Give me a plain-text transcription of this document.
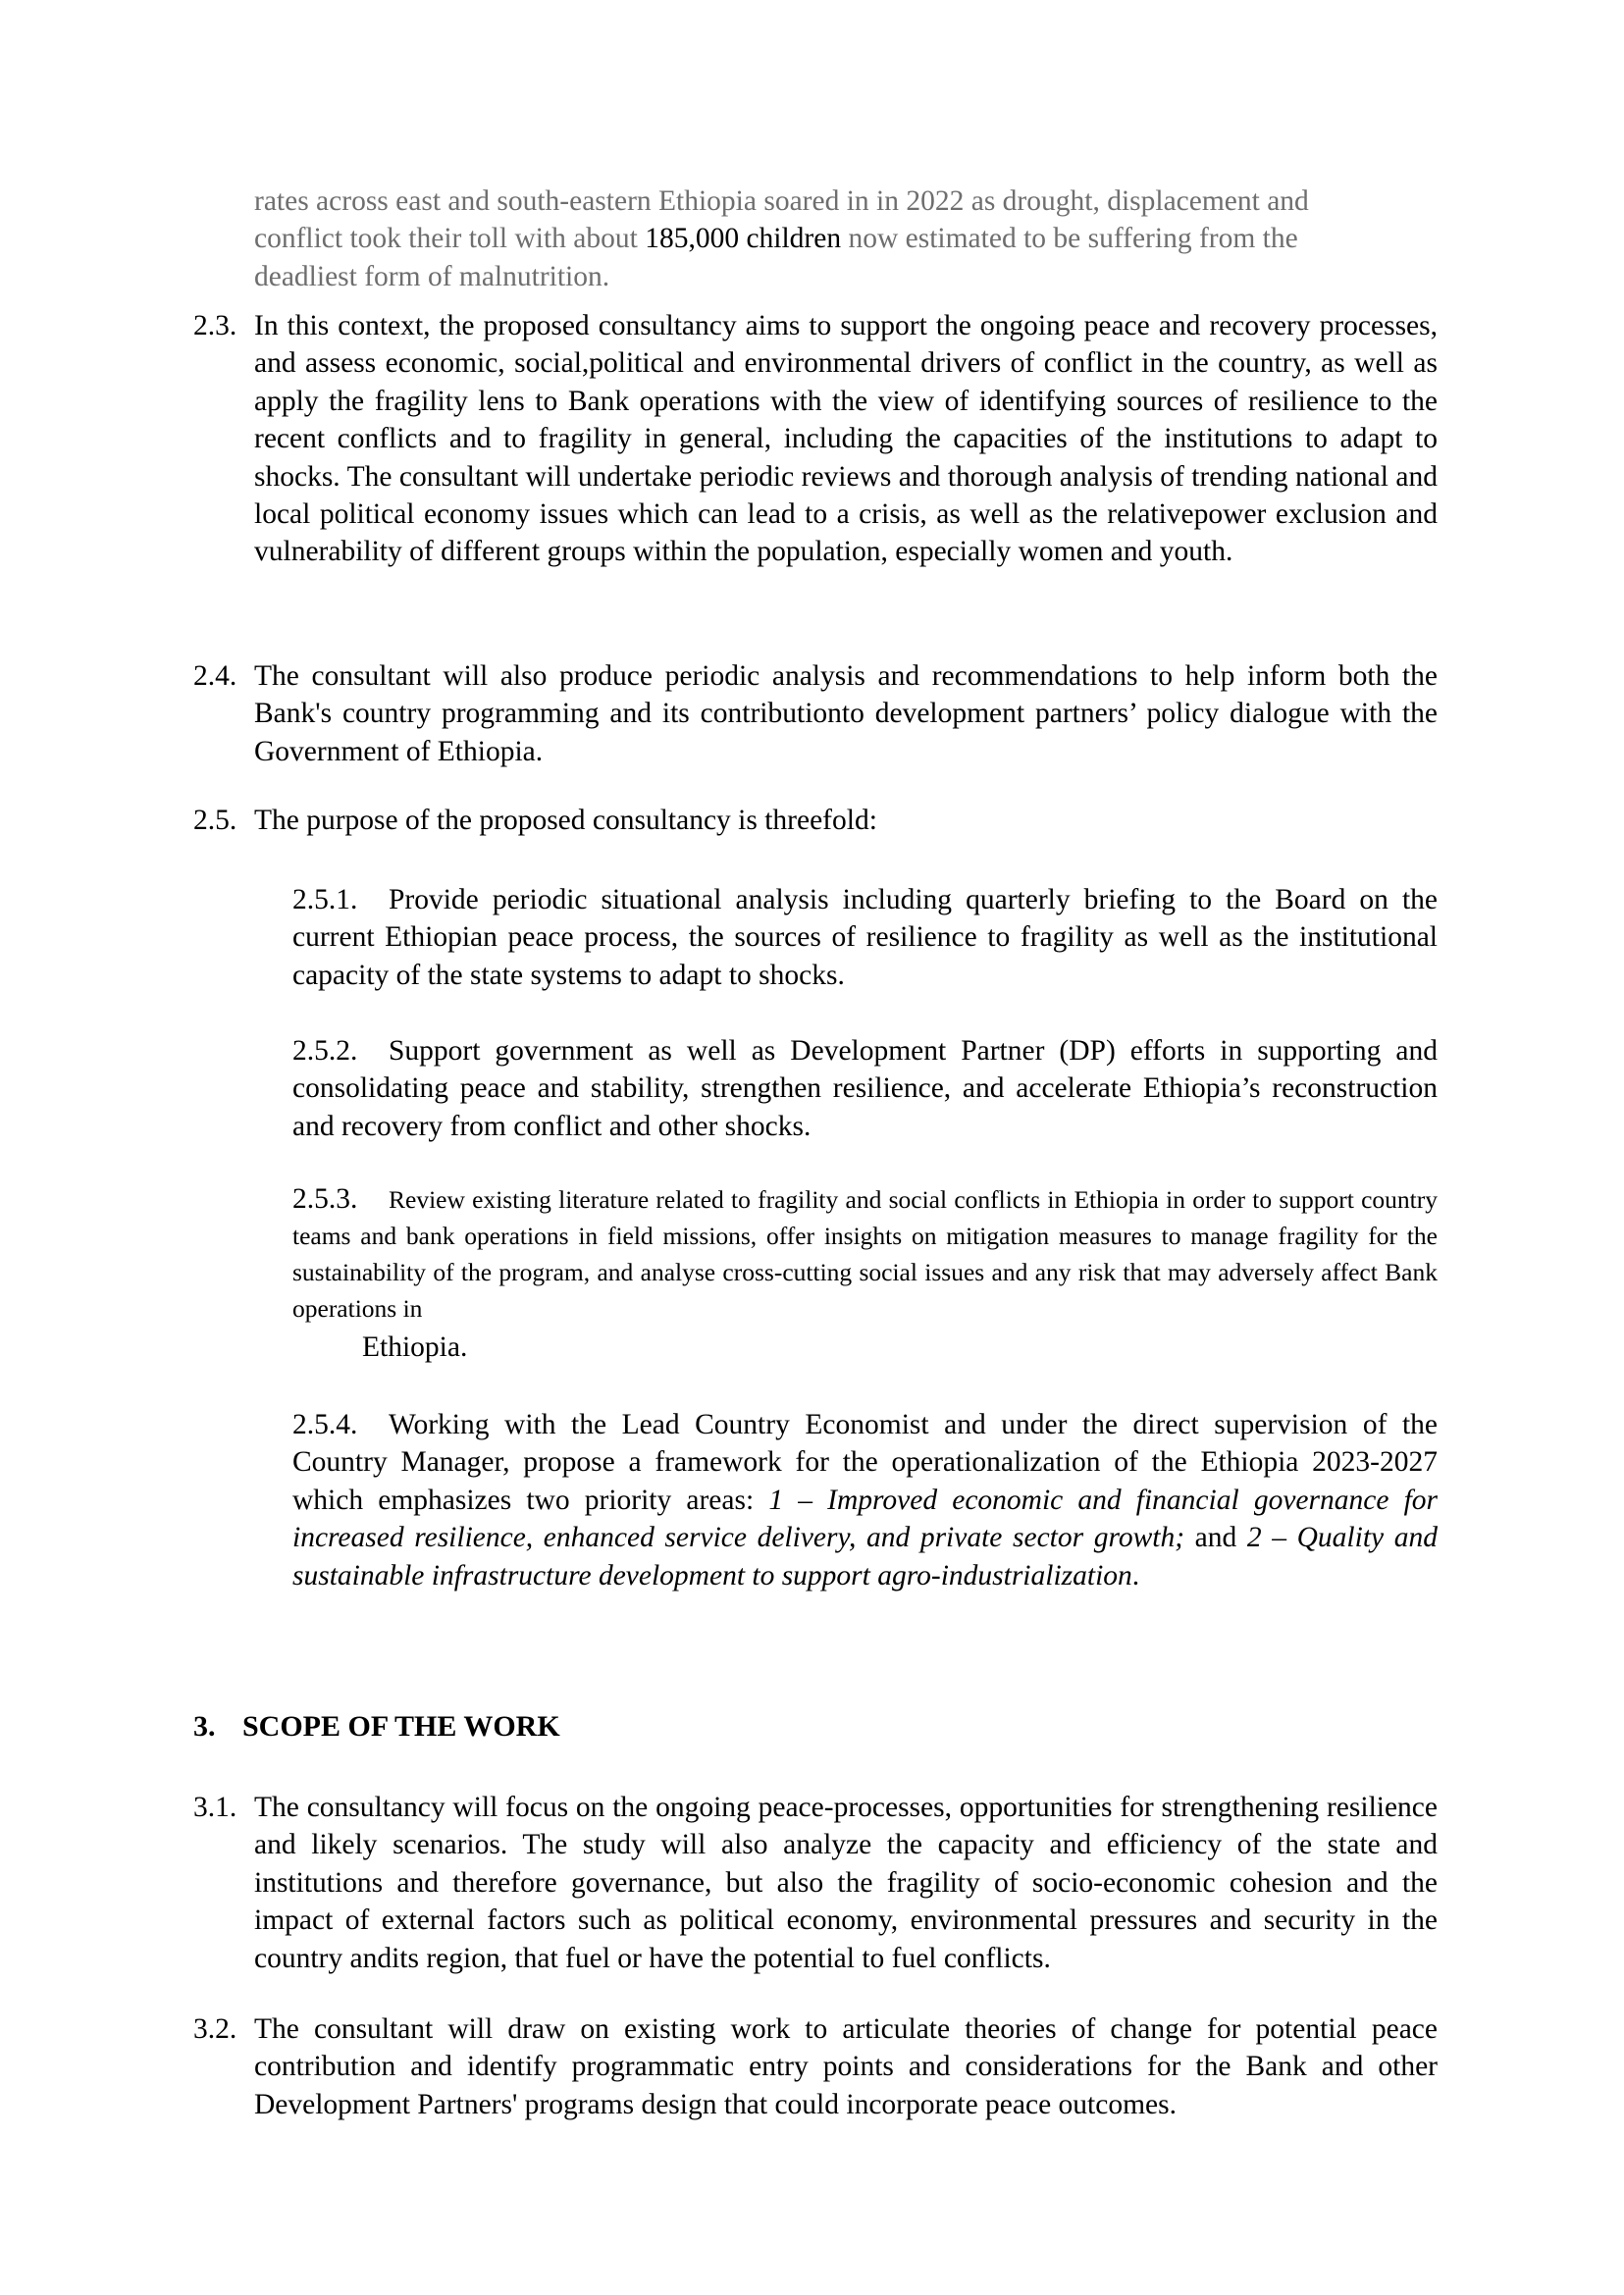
rates across east and south-eastern Ethiopia soared in in 2022 as drought, displacement and
conflict took their toll with about 185,000 children now estimated to be suffering from the
deadliest form of malnutrition.
2.3. In this context, the proposed consultancy aims to support the ongoing peace and recovery processes, and assess economic, social,political and environmental drivers of conflict in the country, as well as apply the fragility lens to Bank operations with the view of identifying sources of resilience to the recent conflicts and to fragility in general, including the capacities of the institutions to adapt to shocks. The consultant will undertake periodic reviews and thorough analysis of trending national and local political economy issues which can lead to a crisis, as well as the relativepower exclusion and vulnerability of different groups within the population, especially women and youth.
2.4. The consultant will also produce periodic analysis and recommendations to help inform both the Bank's country programming and its contributionto development partners’ policy dialogue with the Government of Ethiopia.
2.5. The purpose of the proposed consultancy is threefold:
2.5.1.	Provide periodic situational analysis including quarterly briefing to the Board on the current Ethiopian peace process, the sources of resilience to fragility as well as the institutional capacity of the state systems to adapt to shocks.
2.5.2.	Support government as well as Development Partner (DP) efforts in supporting and consolidating peace and stability, strengthen resilience, and accelerate Ethiopia’s reconstruction and recovery from conflict and other shocks.
2.5.3.	Review existing literature related to fragility and social conflicts in Ethiopia in order to support country teams and bank operations in field missions, offer insights on mitigation measures to manage fragility for the sustainability of the program, and analyse cross-cutting social issues and any risk that may adversely affect Bank operations in
Ethiopia.
2.5.4.	Working with the Lead Country Economist and under the direct supervision of the Country Manager, propose a framework for the operationalization of the Ethiopia 2023-2027 which emphasizes two priority areas: 1 – Improved economic and financial governance for increased resilience, enhanced service delivery, and private sector growth; and 2 – Quality and sustainable infrastructure development to support agro-industrialization.
3. SCOPE OF THE WORK
3.1. The consultancy will focus on the ongoing peace-processes, opportunities for strengthening resilience and likely scenarios. The study will also analyze the capacity and efficiency of the state and institutions and therefore governance, but also the fragility of socio-economic cohesion and the impact of external factors such as political economy, environmental pressures and security in the country andits region, that fuel or have the potential to fuel conflicts.
3.2. The consultant will draw on existing work to articulate theories of change for potential peace contribution and identify programmatic entry points and considerations for the Bank and other Development Partners' programs design that could incorporate peace outcomes.
